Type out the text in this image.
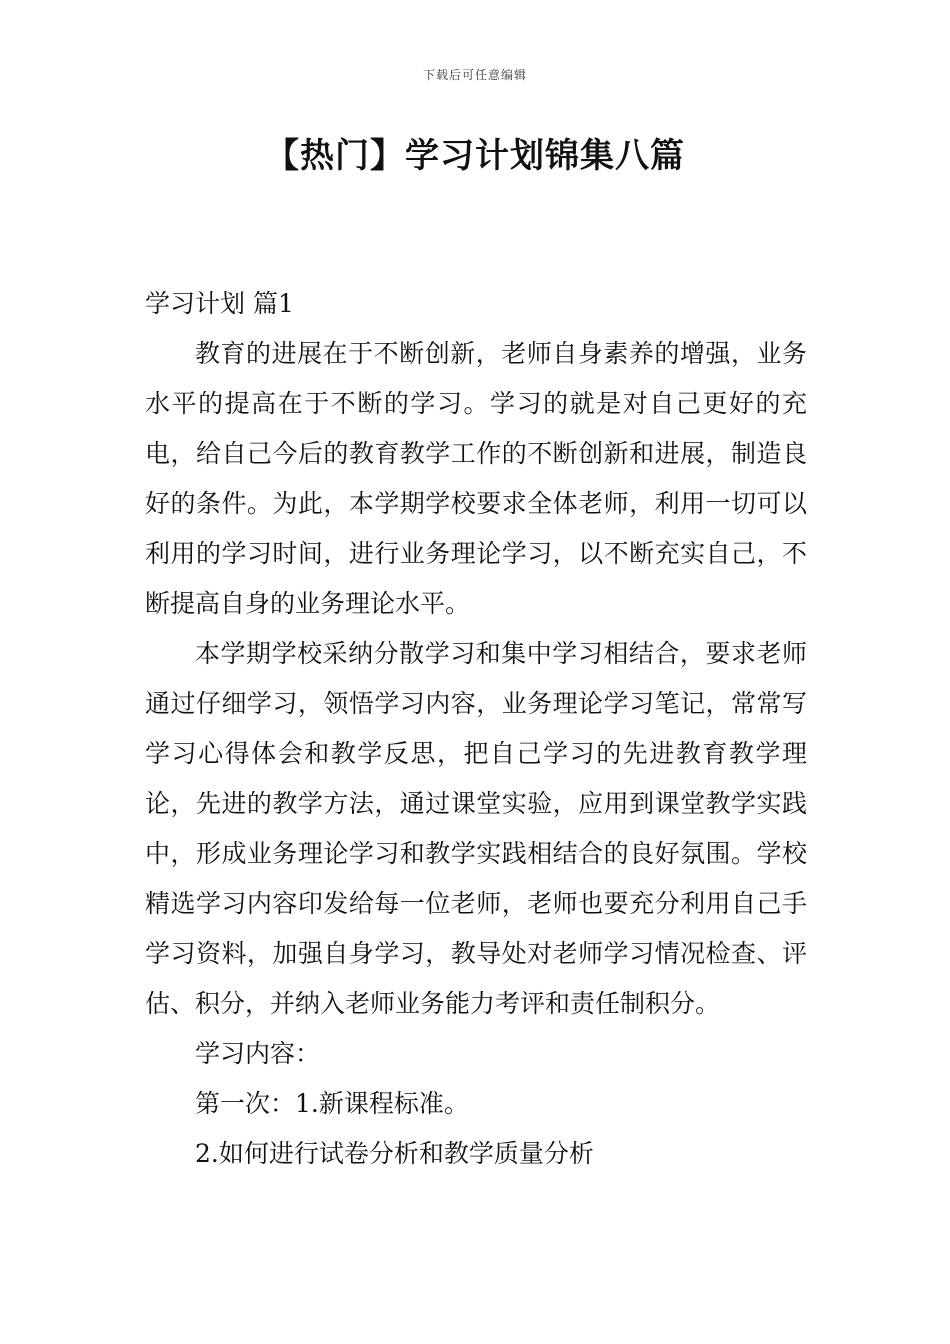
下载后可任意编辑
【热门】学习计划锦集八篇

学习计划 篇1

教育的进展在于不断创新，老师自身素养的增强，业务水平的提高在于不断的学习。学习的就是对自己更好的充电，给自己今后的教育教学工作的不断创新和进展，制造良好的条件。为此，本学期学校要求全体老师，利用一切可以利用的学习时间，进行业务理论学习，以不断充实自己，不断提高自身的业务理论水平。

本学期学校采纳分散学习和集中学习相结合，要求老师通过仔细学习，领悟学习内容，业务理论学习笔记，常常写学习心得体会和教学反思，把自己学习的先进教育教学理论，先进的教学方法，通过课堂实验，应用到课堂教学实践中，形成业务理论学习和教学实践相结合的良好氛围。学校精选学习内容印发给每一位老师，老师也要充分利用自己手学习资料，加强自身学习，教导处对老师学习情况检查、评估、积分，并纳入老师业务能力考评和责任制积分。

学习内容：

第一次：1.新课程标准。

2.如何进行试卷分析和教学质量分析
